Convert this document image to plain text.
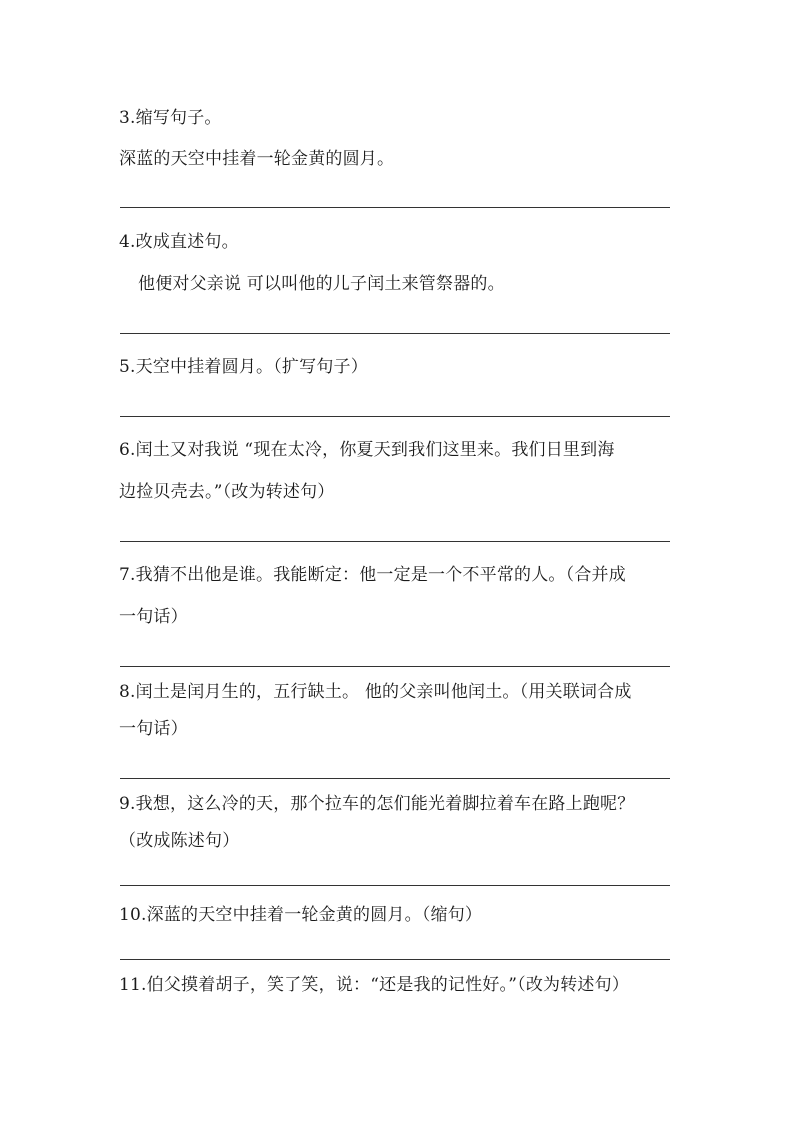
3.缩写句子。
深蓝的天空中挂着一轮金黄的圆月。
4.改成直述句。
他便对父亲说 可以叫他的儿子闰土来管祭器的。
5.天空中挂着圆月。（扩写句子）
6.闰土又对我说 “现在太冷，你夏天到我们这里来。我们日里到海
边捡贝壳去。”（改为转述句）
7.我猜不出他是谁。我能断定：他一定是一个不平常的人。（合并成
一句话）
8.闰土是闰月生的，五行缺土。 他的父亲叫他闰土。（用关联词合成
一句话）
9.我想，这么冷的天，那个拉车的怎们能光着脚拉着车在路上跑呢？
（改成陈述句）
10.深蓝的天空中挂着一轮金黄的圆月。（缩句）
11.伯父摸着胡子，笑了笑，说：“还是我的记性好。”（改为转述句）
